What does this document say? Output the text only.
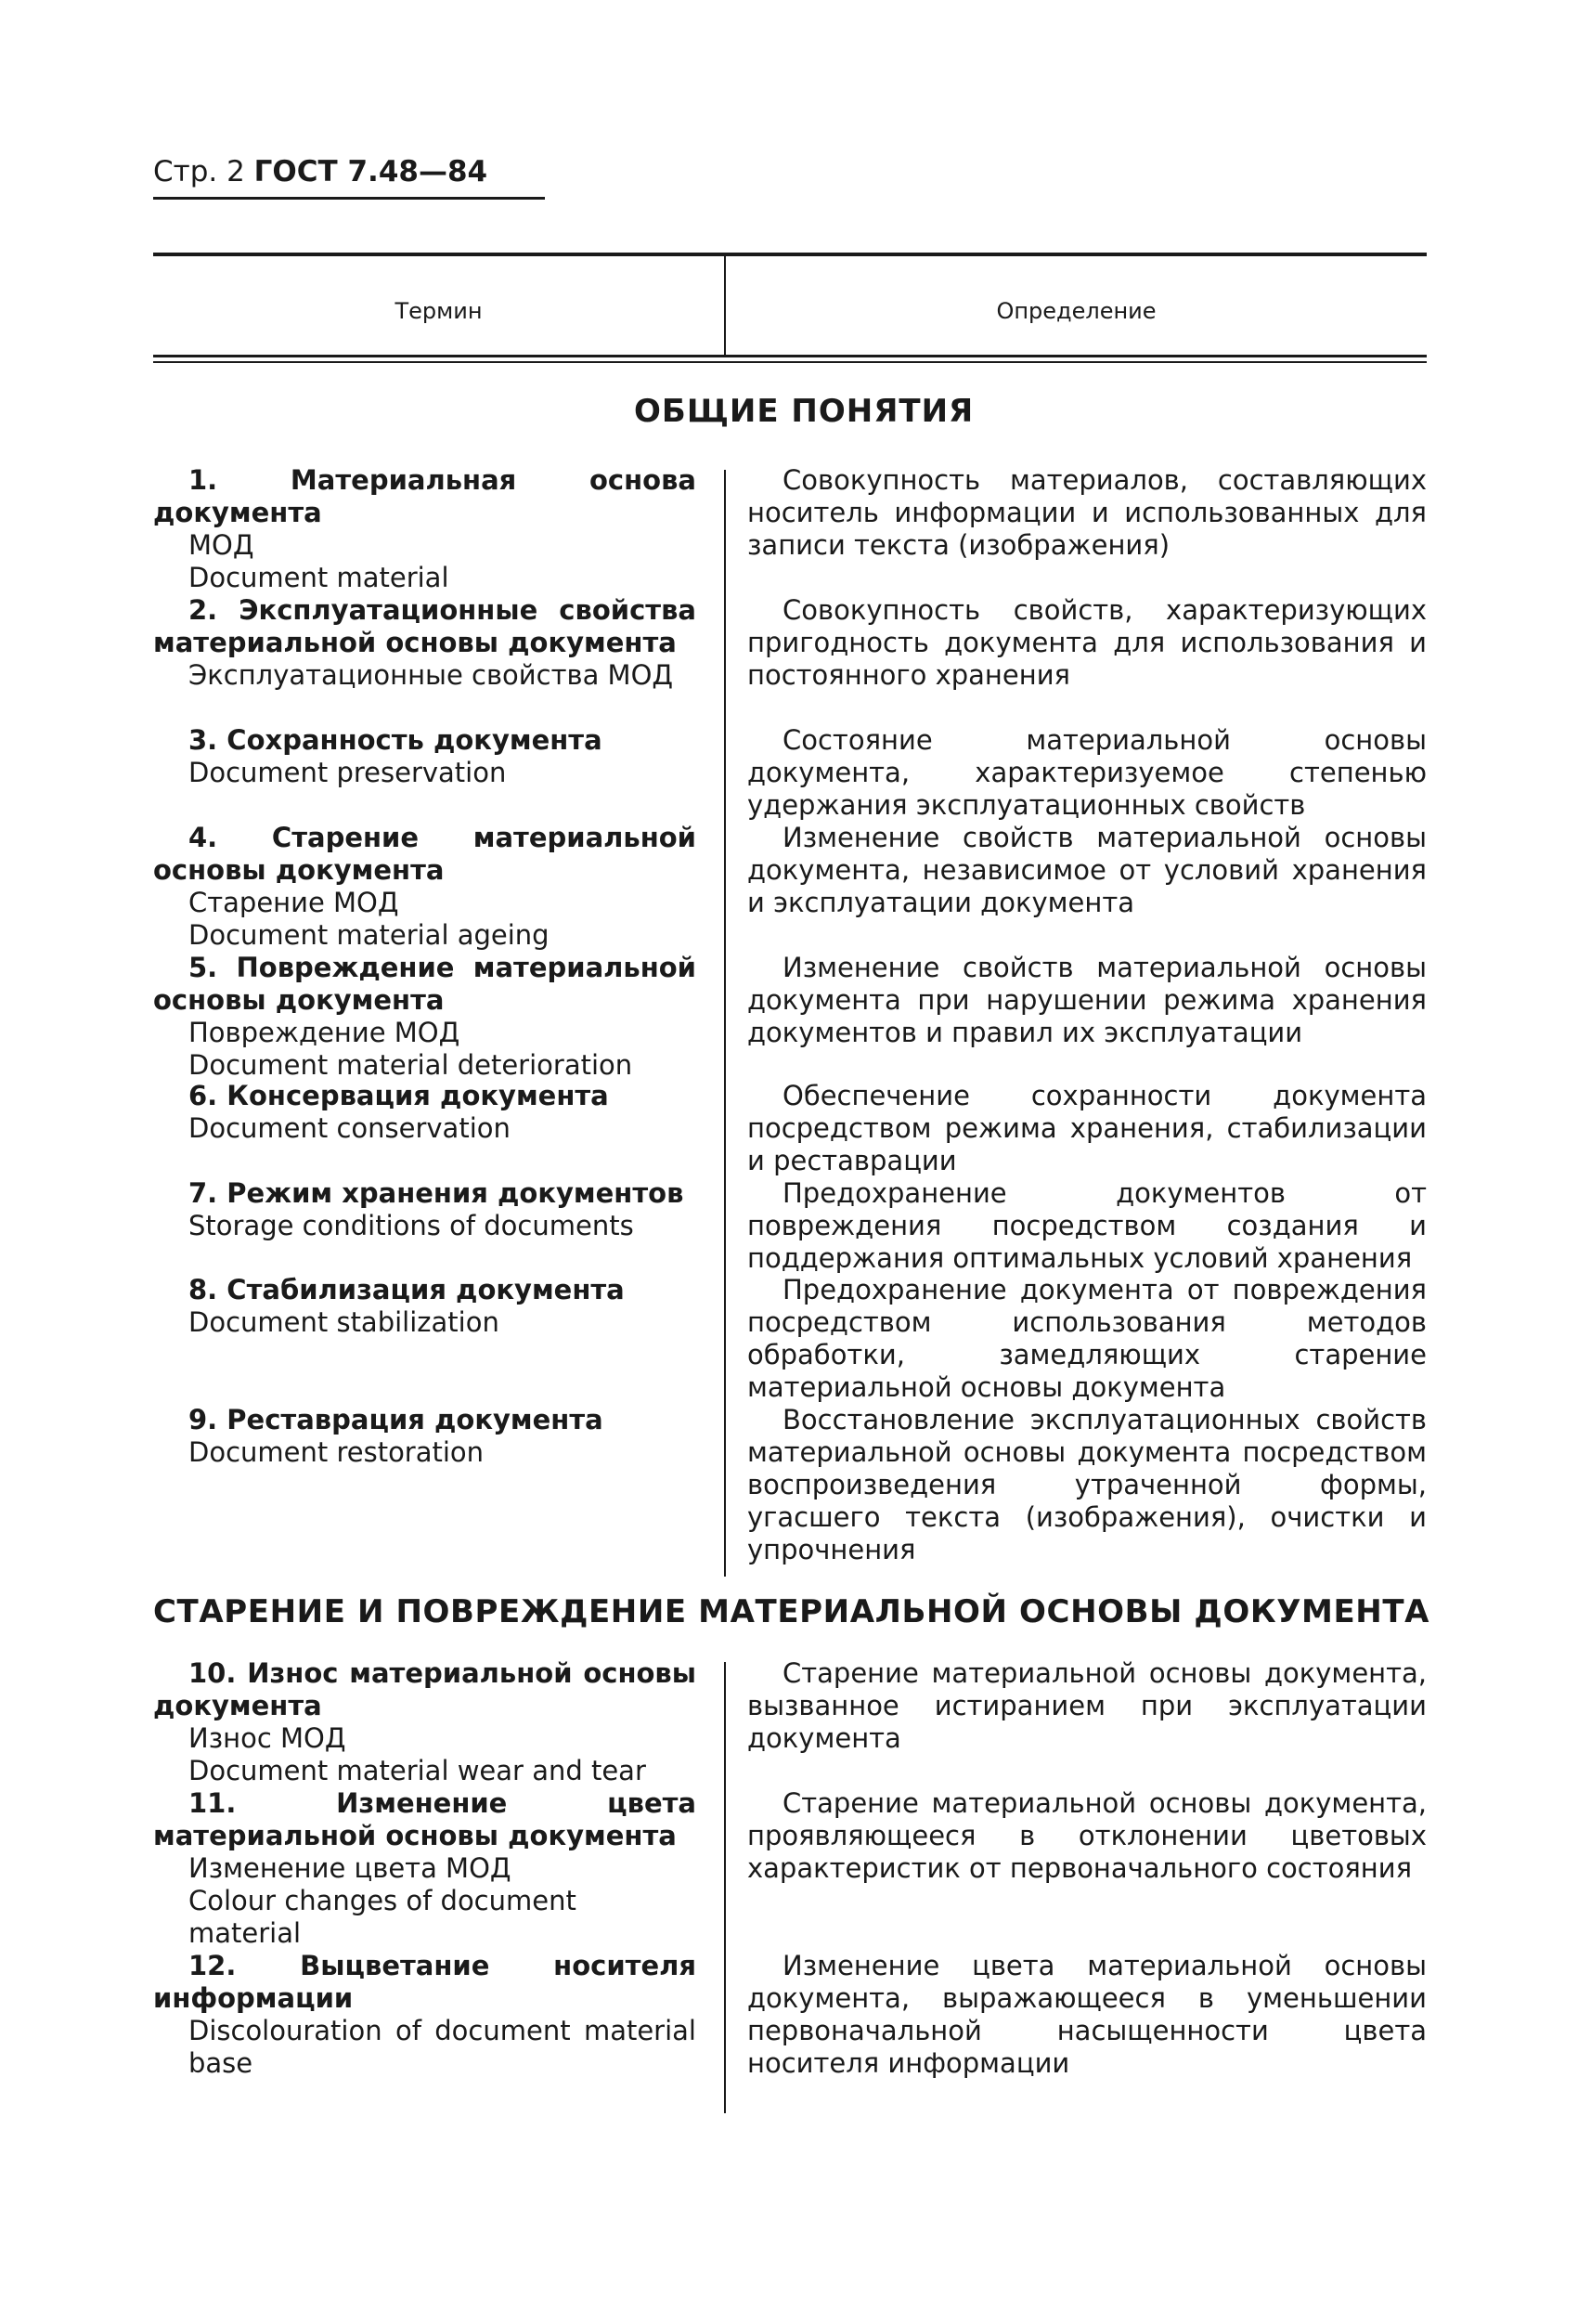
Стр. 2 ГОСТ 7.48—84
Термин	Определение
ОБЩИЕ ПОНЯТИЯ
СТАРЕНИЕ И ПОВРЕЖДЕНИЕ МАТЕРИАЛЬНОЙ ОСНОВЫ ДОКУМЕНТА
1. Материальная основа документа
МОД
Document material
Совокупность материалов, составляющих носитель информации и использованных для записи текста (изображения)
2. Эксплуатационные свойства материальной основы документа
Эксплуатационные свойства МОД
Совокупность свойств, характеризующих пригодность документа для использования и постоянного хранения
3. Сохранность документа
Document preservation
Состояние материальной основы документа, характеризуемое степенью удержания эксплуатационных свойств
4. Старение материальной основы документа
Старение МОД
Document material ageing
Изменение свойств материальной основы документа, независимое от условий хранения и эксплуатации документа
5. Повреждение материальной основы документа
Повреждение МОД
Document material deterioration
Изменение свойств материальной основы документа при нарушении режима хранения документов и правил их эксплуатации
6. Консервация документа
Document conservation
Обеспечение сохранности документа посредством режима хранения, стабилизации и реставрации
7. Режим хранения документов
Storage conditions of documents
Предохранение документов от повреждения посредством создания и поддержания оптимальных условий хранения
8. Стабилизация документа
Document stabilization
Предохранение документа от повреждения посредством использования методов обработки, замедляющих старение материальной основы документа
9. Реставрация документа
Document restoration
Восстановление эксплуатационных свойств материальной основы документа посредством воспроизведения утраченной формы, угасшего текста (изображения), очистки и упрочнения
10. Износ материальной основы документа
Износ МОД
Document material wear and tear
Старение материальной основы документа, вызванное истиранием при эксплуатации документа
11. Изменение цвета материальной основы документа
Изменение цвета МОД
Colour changes of document material
Старение материальной основы документа, проявляющееся в отклонении цветовых характеристик от первоначального состояния
12. Выцветание носителя информации
Discolouration of document material base
Изменение цвета материальной основы документа, выражающееся в уменьшении первоначальной насыщенности цвета носителя информации
